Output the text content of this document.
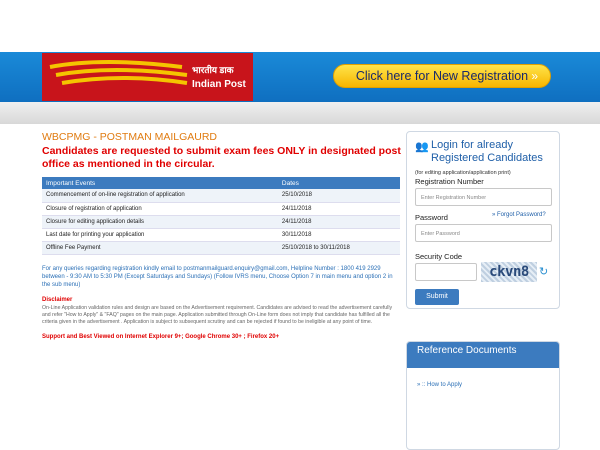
भारतीय डाक
Indian Post
Click here for New Registration »
WBCPMG - POSTMAN MAILGAURD
Candidates are requested to submit exam fees ONLY in designated post office as mentioned in the circular.
Important Events	Dates
Commencement of on-line registration of application	25/10/2018
Closure of registration of application	24/11/2018
Closure for editing application details	24/11/2018
Last date for printing your application	30/11/2018
Offline Fee Payment	25/10/2018 to 30/11/2018
For any queries regarding registration kindly email to postmanmailguard.enquiry@gmail.com, Helpline Number : 1800 419 2929 between - 9:30 AM to 5:30 PM (Except Saturdays and Sundays) (Follow IVRS menu, Choose Option 7 in main menu and option 2 in the sub menu)
Disclaimer
On-Line Application validation rules and design are based on the Advertisement requirement. Candidates are advised to read the advertisement carefully and refer "How to Apply" & "FAQ" pages on the main page. Application submitted through On-Line form does not imply that candidate has fulfilled all the criteria given in the advertisement . Application is subject to subsequent scrutiny and can be rejected if found to be ineligible at any point of time.
Support and Best Viewed on Internet Explorer 9+; Google Chrome 30+ ; Firefox 20+
👥 Login for already
Registered Candidates
(for editing application/application print)
Registration Number
Enter Registration Number
Password	» Forgot Password?
Enter Password
Security Code
ckvn8 ↻
Submit
Reference Documents
» :: How to Apply
